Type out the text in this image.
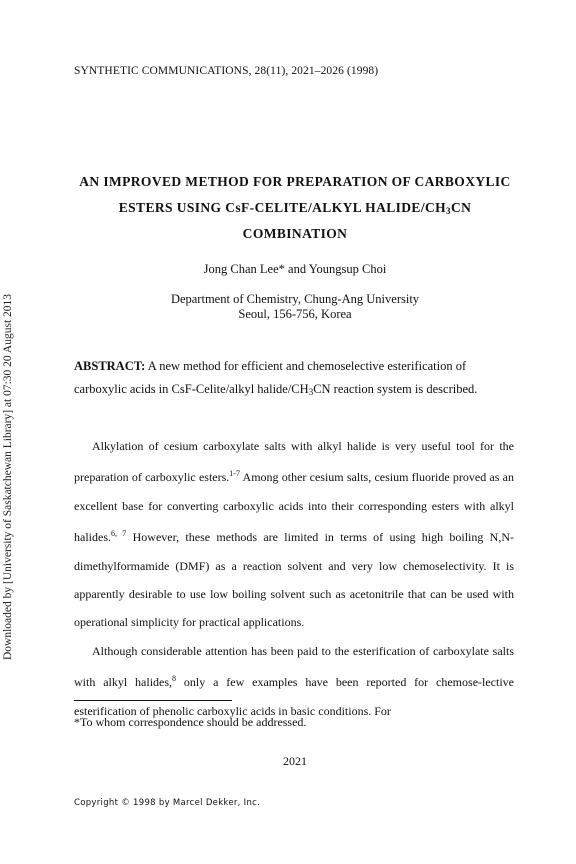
Downloaded by [University of Saskatchewan Library] at 07:30 20 August 2013
SYNTHETIC COMMUNICATIONS, 28(11), 2021–2026 (1998)
AN IMPROVED METHOD FOR PREPARATION OF CARBOXYLIC
ESTERS USING CsF-CELITE/ALKYL HALIDE/$CH_3CN$
COMBINATION
Jong Chan Lee* and Youngsup Choi
Department of Chemistry, Chung-Ang University
Seoul, 156-756, Korea
ABSTRACT: A new method for efficient and chemoselective esterification of carboxylic acids in CsF-Celite/alkyl halide/$CH_3CN$ reaction system is described.

Alkylation of cesium carboxylate salts with alkyl halide is very useful tool for the preparation of carboxylic esters.$^{1-7}$ Among other cesium salts, cesium fluoride proved as an excellent base for converting carboxylic acids into their corresponding esters with alkyl halides.$^{6, 7}$ However, these methods are limited in terms of using high boiling N,N-dimethylformamide (DMF) as a reaction solvent and very low chemoselectivity. It is apparently desirable to use low boiling solvent such as acetonitrile that can be used with operational simplicity for practical applications.

Although considerable attention has been paid to the esterification of carboxylate salts with alkyl halides,$^8$ only a few examples have been reported for chemose-lective esterification of phenolic carboxylic acids in basic conditions. For

*To whom correspondence should be addressed.
2021
Copyright © 1998 by Marcel Dekker, Inc.
